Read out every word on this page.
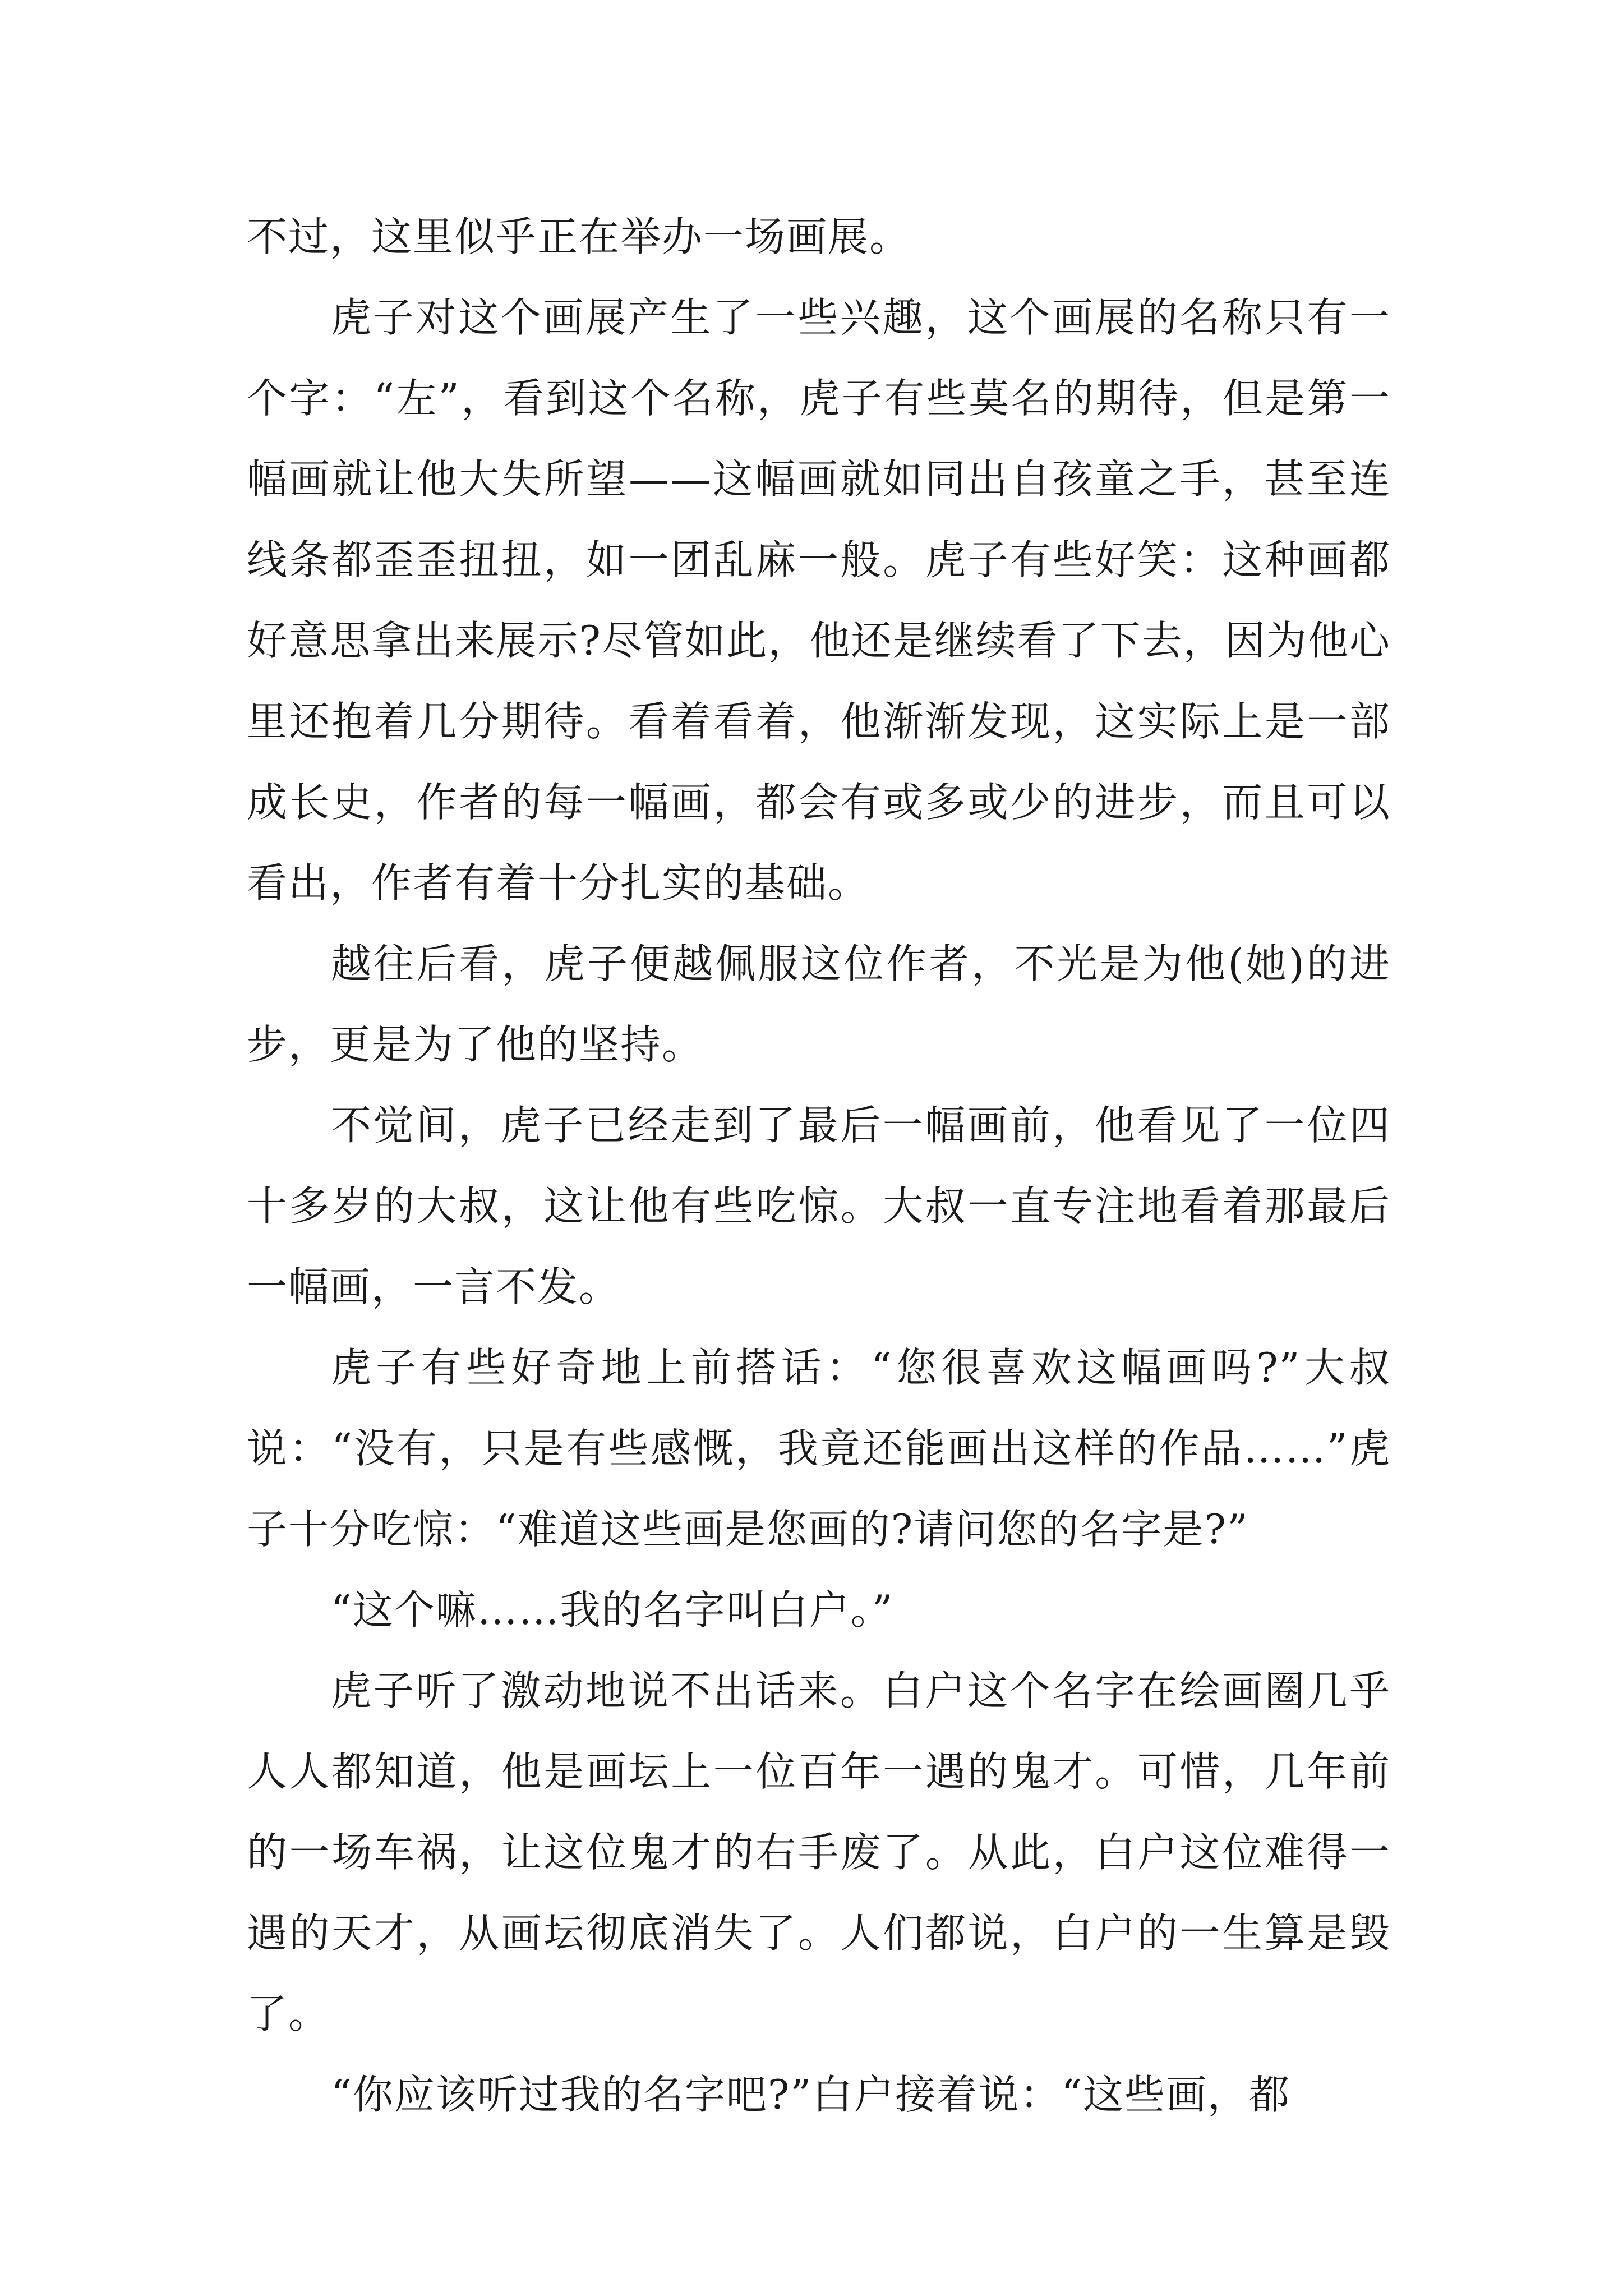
不过，这里似乎正在举办一场画展。

虎子对这个画展产生了一些兴趣，这个画展的名称只有一个字：“左”，看到这个名称，虎子有些莫名的期待，但是第一幅画就让他大失所望——这幅画就如同出自孩童之手，甚至连线条都歪歪扭扭，如一团乱麻一般。虎子有些好笑：这种画都好意思拿出来展示?尽管如此，他还是继续看了下去，因为他心里还抱着几分期待。看着看着，他渐渐发现，这实际上是一部成长史，作者的每一幅画，都会有或多或少的进步，而且可以看出，作者有着十分扎实的基础。

越往后看，虎子便越佩服这位作者，不光是为他(她)的进步，更是为了他的坚持。

不觉间，虎子已经走到了最后一幅画前，他看见了一位四十多岁的大叔，这让他有些吃惊。大叔一直专注地看着那最后一幅画，一言不发。

虎子有些好奇地上前搭话：“您很喜欢这幅画吗?”大叔说：“没有，只是有些感慨，我竟还能画出这样的作品……”虎子十分吃惊：“难道这些画是您画的?请问您的名字是?”

“这个嘛……我的名字叫白户。”

虎子听了激动地说不出话来。白户这个名字在绘画圈几乎人人都知道，他是画坛上一位百年一遇的鬼才。可惜，几年前的一场车祸，让这位鬼才的右手废了。从此，白户这位难得一遇的天才，从画坛彻底消失了。人们都说，白户的一生算是毁了。

“你应该听过我的名字吧?”白户接着说：“这些画，都
